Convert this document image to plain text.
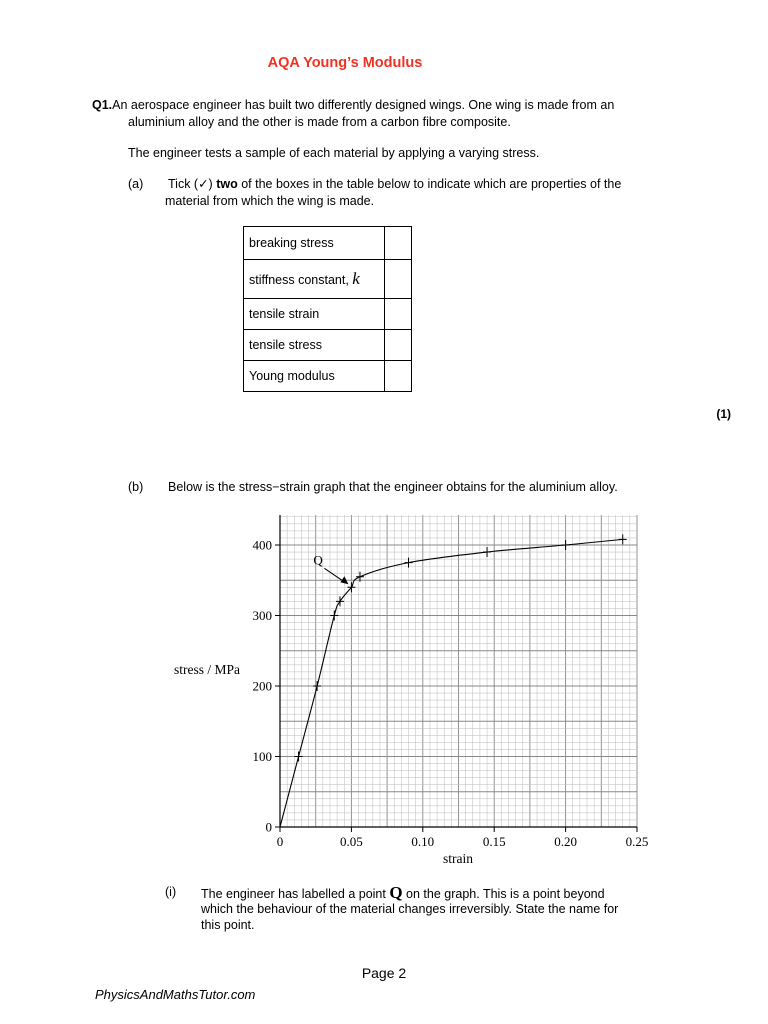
AQA Young’s Modulus
Q1.An aerospace engineer has built two differently designed wings. One wing is made from an
aluminium alloy and the other is made from a carbon fibre composite.
The engineer tests a sample of each material by applying a varying stress.
(a) Tick (✓) two of the boxes in the table below to indicate which are properties of the
material from which the wing is made.
breaking stress	
stiffness constant, k	
tensile strain	
tensile stress	
Young modulus	
(1)
(b) Below is the stress−strain graph that the engineer obtains for the aluminium alloy.
0	0.05	0.10	0.15	0.20	0.25
0
100
200
300
400
Q
stress / MPa
strain
(i) The engineer has labelled a point Q on the graph. This is a point beyond
which the behaviour of the material changes irreversibly. State the name for
this point.
Page 2
PhysicsAndMathsTutor.com
